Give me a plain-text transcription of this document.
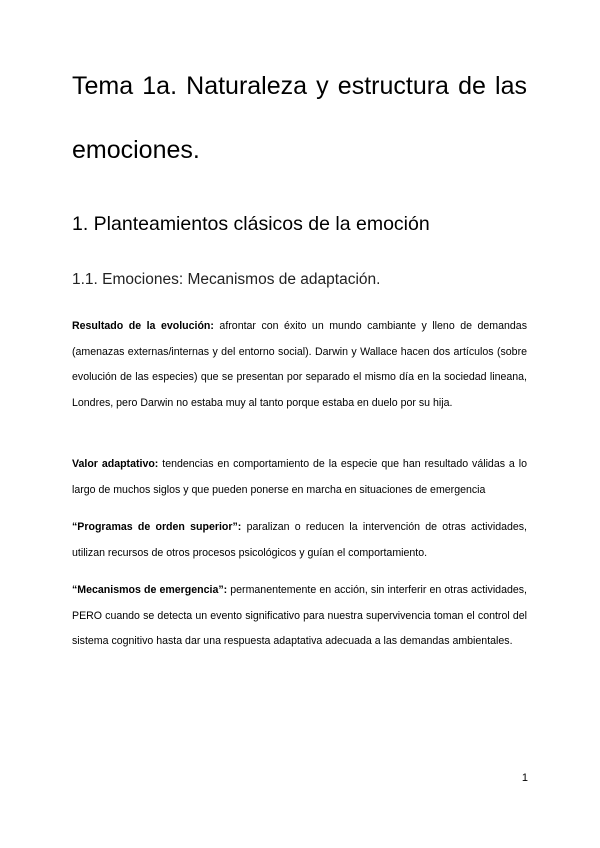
Tema 1a. Naturaleza y estructura de las emociones.
1. Planteamientos clásicos de la emoción
1.1. Emociones: Mecanismos de adaptación.

Resultado de la evolución: afrontar con éxito un mundo cambiante y lleno de demandas (amenazas externas/internas y del entorno social). Darwin y Wallace hacen dos artículos (sobre evolución de las especies) que se presentan por separado el mismo día en la sociedad lineana, Londres, pero Darwin no estaba muy al tanto porque estaba en duelo por su hija.

Valor adaptativo: tendencias en comportamiento de la especie que han resultado válidas a lo largo de muchos siglos y que pueden ponerse en marcha en situaciones de emergencia

“Programas de orden superior”: paralizan o reducen la intervención de otras actividades, utilizan recursos de otros procesos psicológicos y guían el comportamiento.

“Mecanismos de emergencia”: permanentemente en acción, sin interferir en otras actividades, PERO cuando se detecta un evento significativo para nuestra supervivencia toman el control del sistema cognitivo hasta dar una respuesta adaptativa adecuada a las demandas ambientales.

1
